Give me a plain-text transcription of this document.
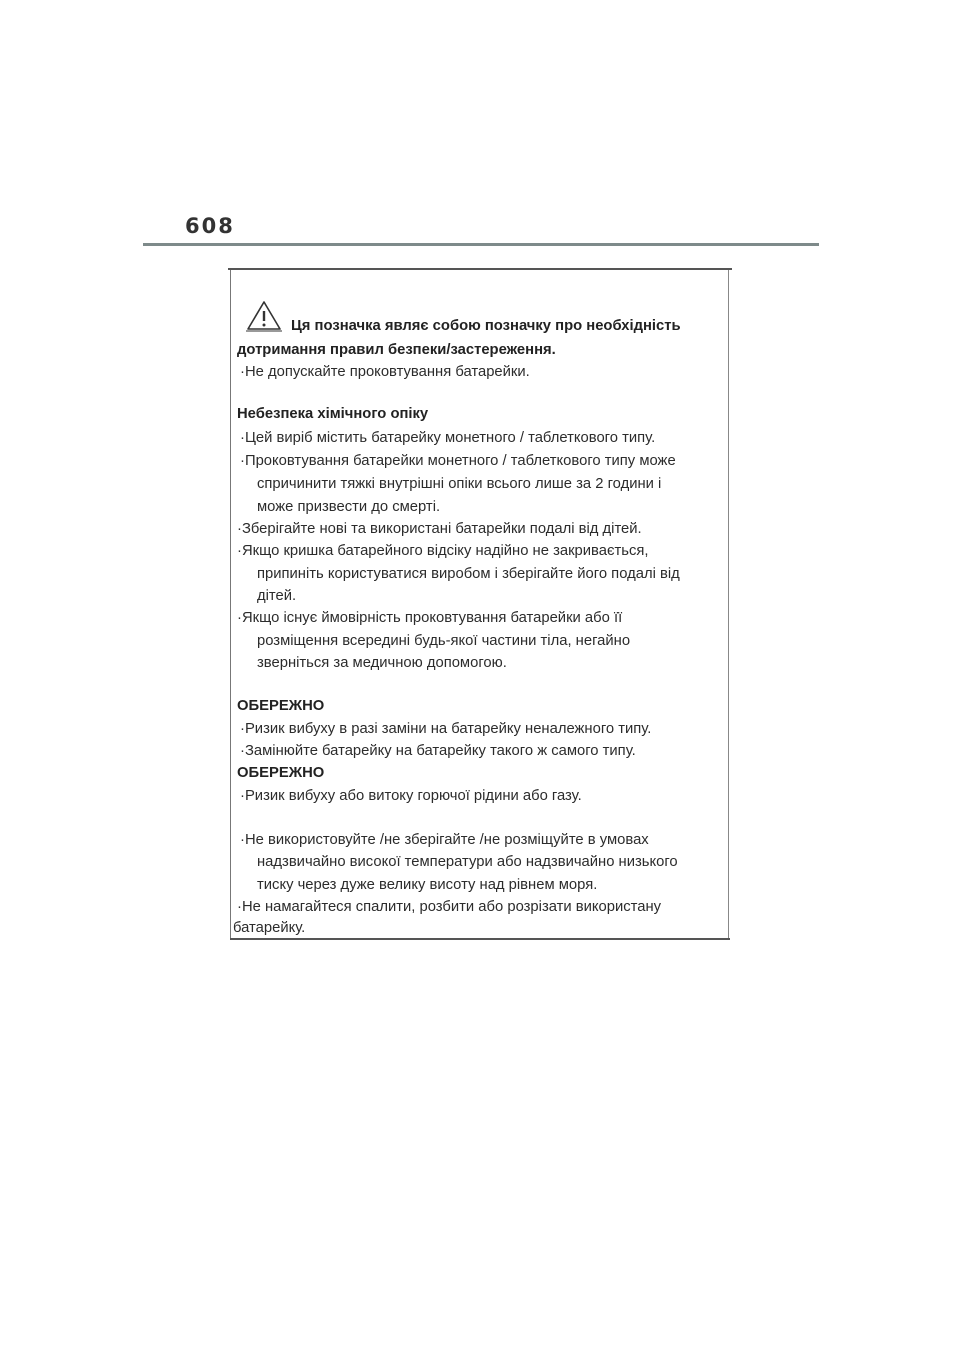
608
Ця позначка являє собою позначку про необхідність
дотримання правил безпеки/застереження.
· Не допускайте проковтування батарейки.
Небезпека хімічного опіку
· Цей виріб містить батарейку монетного / таблеткового типу.
· Проковтування батарейки монетного / таблеткового типу може
спричинити тяжкі внутрішні опіки всього лише за 2 години і
може призвести до смерті.
· Зберігайте нові та використані батарейки подалі від дітей.
· Якщо кришка батарейного відсіку надійно не закривається,
припиніть користуватися виробом і зберігайте його подалі від
дітей.
· Якщо існує ймовірність проковтування батарейки або її
розміщення всередині будь-якої частини тіла, негайно
зверніться за медичною допомогою.
ОБЕРЕЖНО
· Ризик вибуху в разі заміни на батарейку неналежного типу.
· Замінюйте батарейку на батарейку такого ж самого типу.
ОБЕРЕЖНО
· Ризик вибуху або витоку горючої рідини або газу.
· Не використовуйте /не зберігайте /не розміщуйте в умовах
надзвичайно високої температури або надзвичайно низького
тиску через дуже велику висоту над рівнем моря.
· Не намагайтеся спалити, розбити або розрізати використану
батарейку.
